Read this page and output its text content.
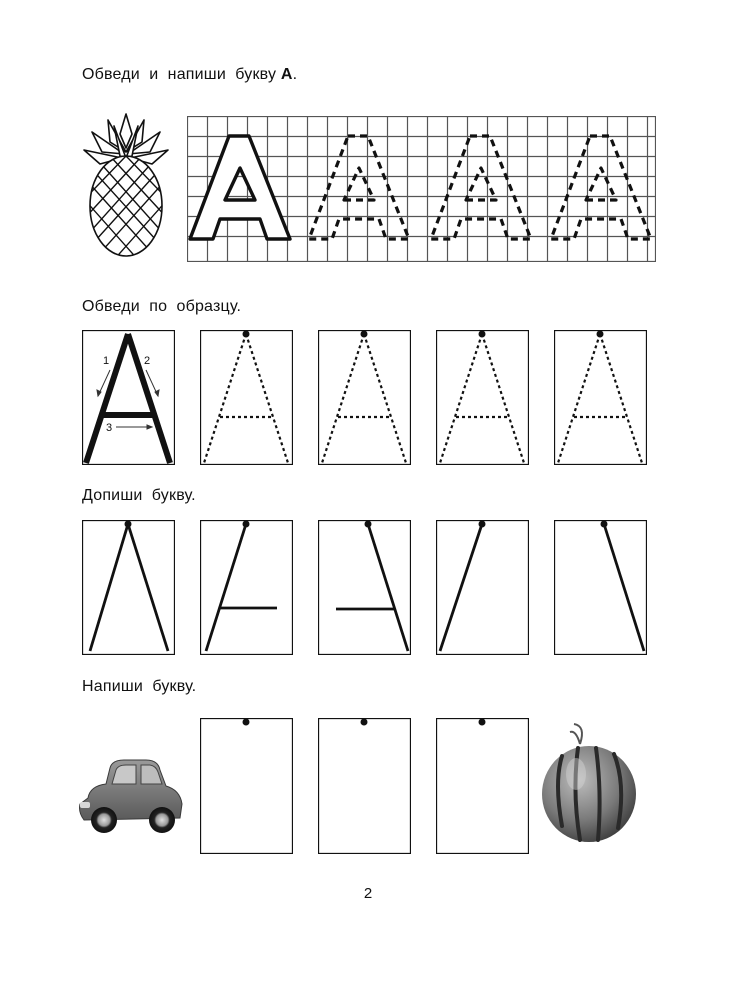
Обведи  и  напиши  букву А.
Обведи  по  образцу.
1	2
3
Допиши  букву.
Напиши  букву.
2
